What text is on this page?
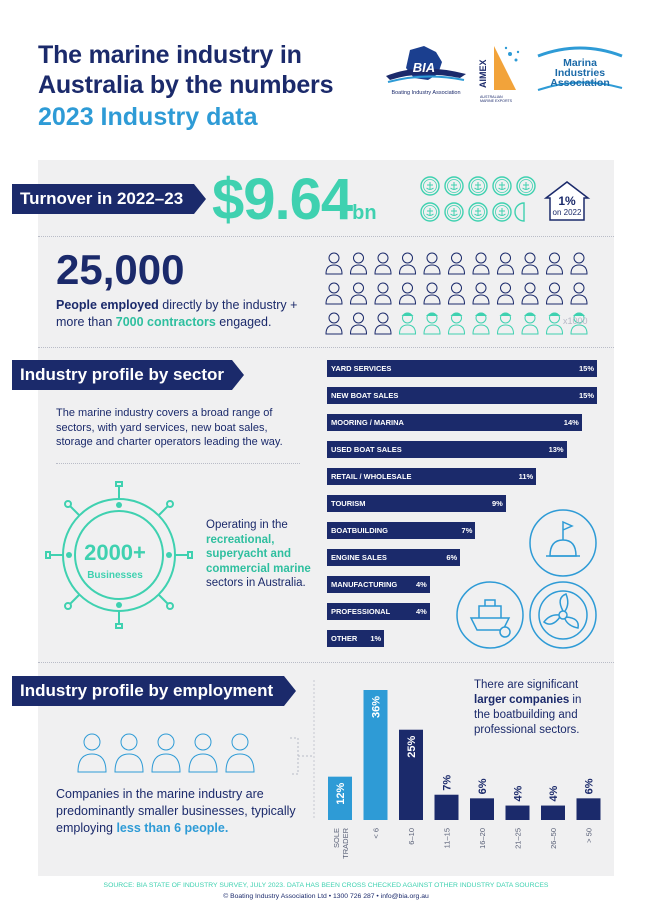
The marine industry in
Australia by the numbers
2023 Industry data
BIA
Boating Industry Association
AIMEX
AUSTRALIAN
MARINE EXPORTS
Marina
Industries
Association
Turnover in 2022–23 $9.64bn
1%
on 2022
25,000
People employed directly by the industry + more than 7000 contractors engaged.	x1000
Industry profile by sector
The marine industry covers a broad range of sectors, with yard services, new boat sales, storage and charter operators leading the way.
2000+
Businesses
Operating in the recreational, superyacht and commercial marine sectors in Australia.
YARD SERVICES	15%
NEW BOAT SALES	15%
MOORING / MARINA	14%
USED BOAT SALES	13%
RETAIL / WHOLESALE	11%
TOURISM	9%
BOATBUILDING	7%
ENGINE SALES	6%
MANUFACTURING 4%
PROFESSIONAL	4%
OTHER 1%
Industry profile by employment
Companies in the marine industry are predominantly smaller businesses, typically employing less than 6 people.
12%
SOLETRADER
36%
< 6
25%
6–10
7%
11–15
6%
16–20
4%
21–25
4%
26–50
6%
> 50
There are significant larger companies in the boatbuilding and professional sectors.
SOURCE: BIA STATE OF INDUSTRY SURVEY, JULY 2023. DATA HAS BEEN CROSS CHECKED AGAINST OTHER INDUSTRY DATA SOURCES
© Boating Industry Association Ltd • 1300 726 287 • info@bia.org.au
